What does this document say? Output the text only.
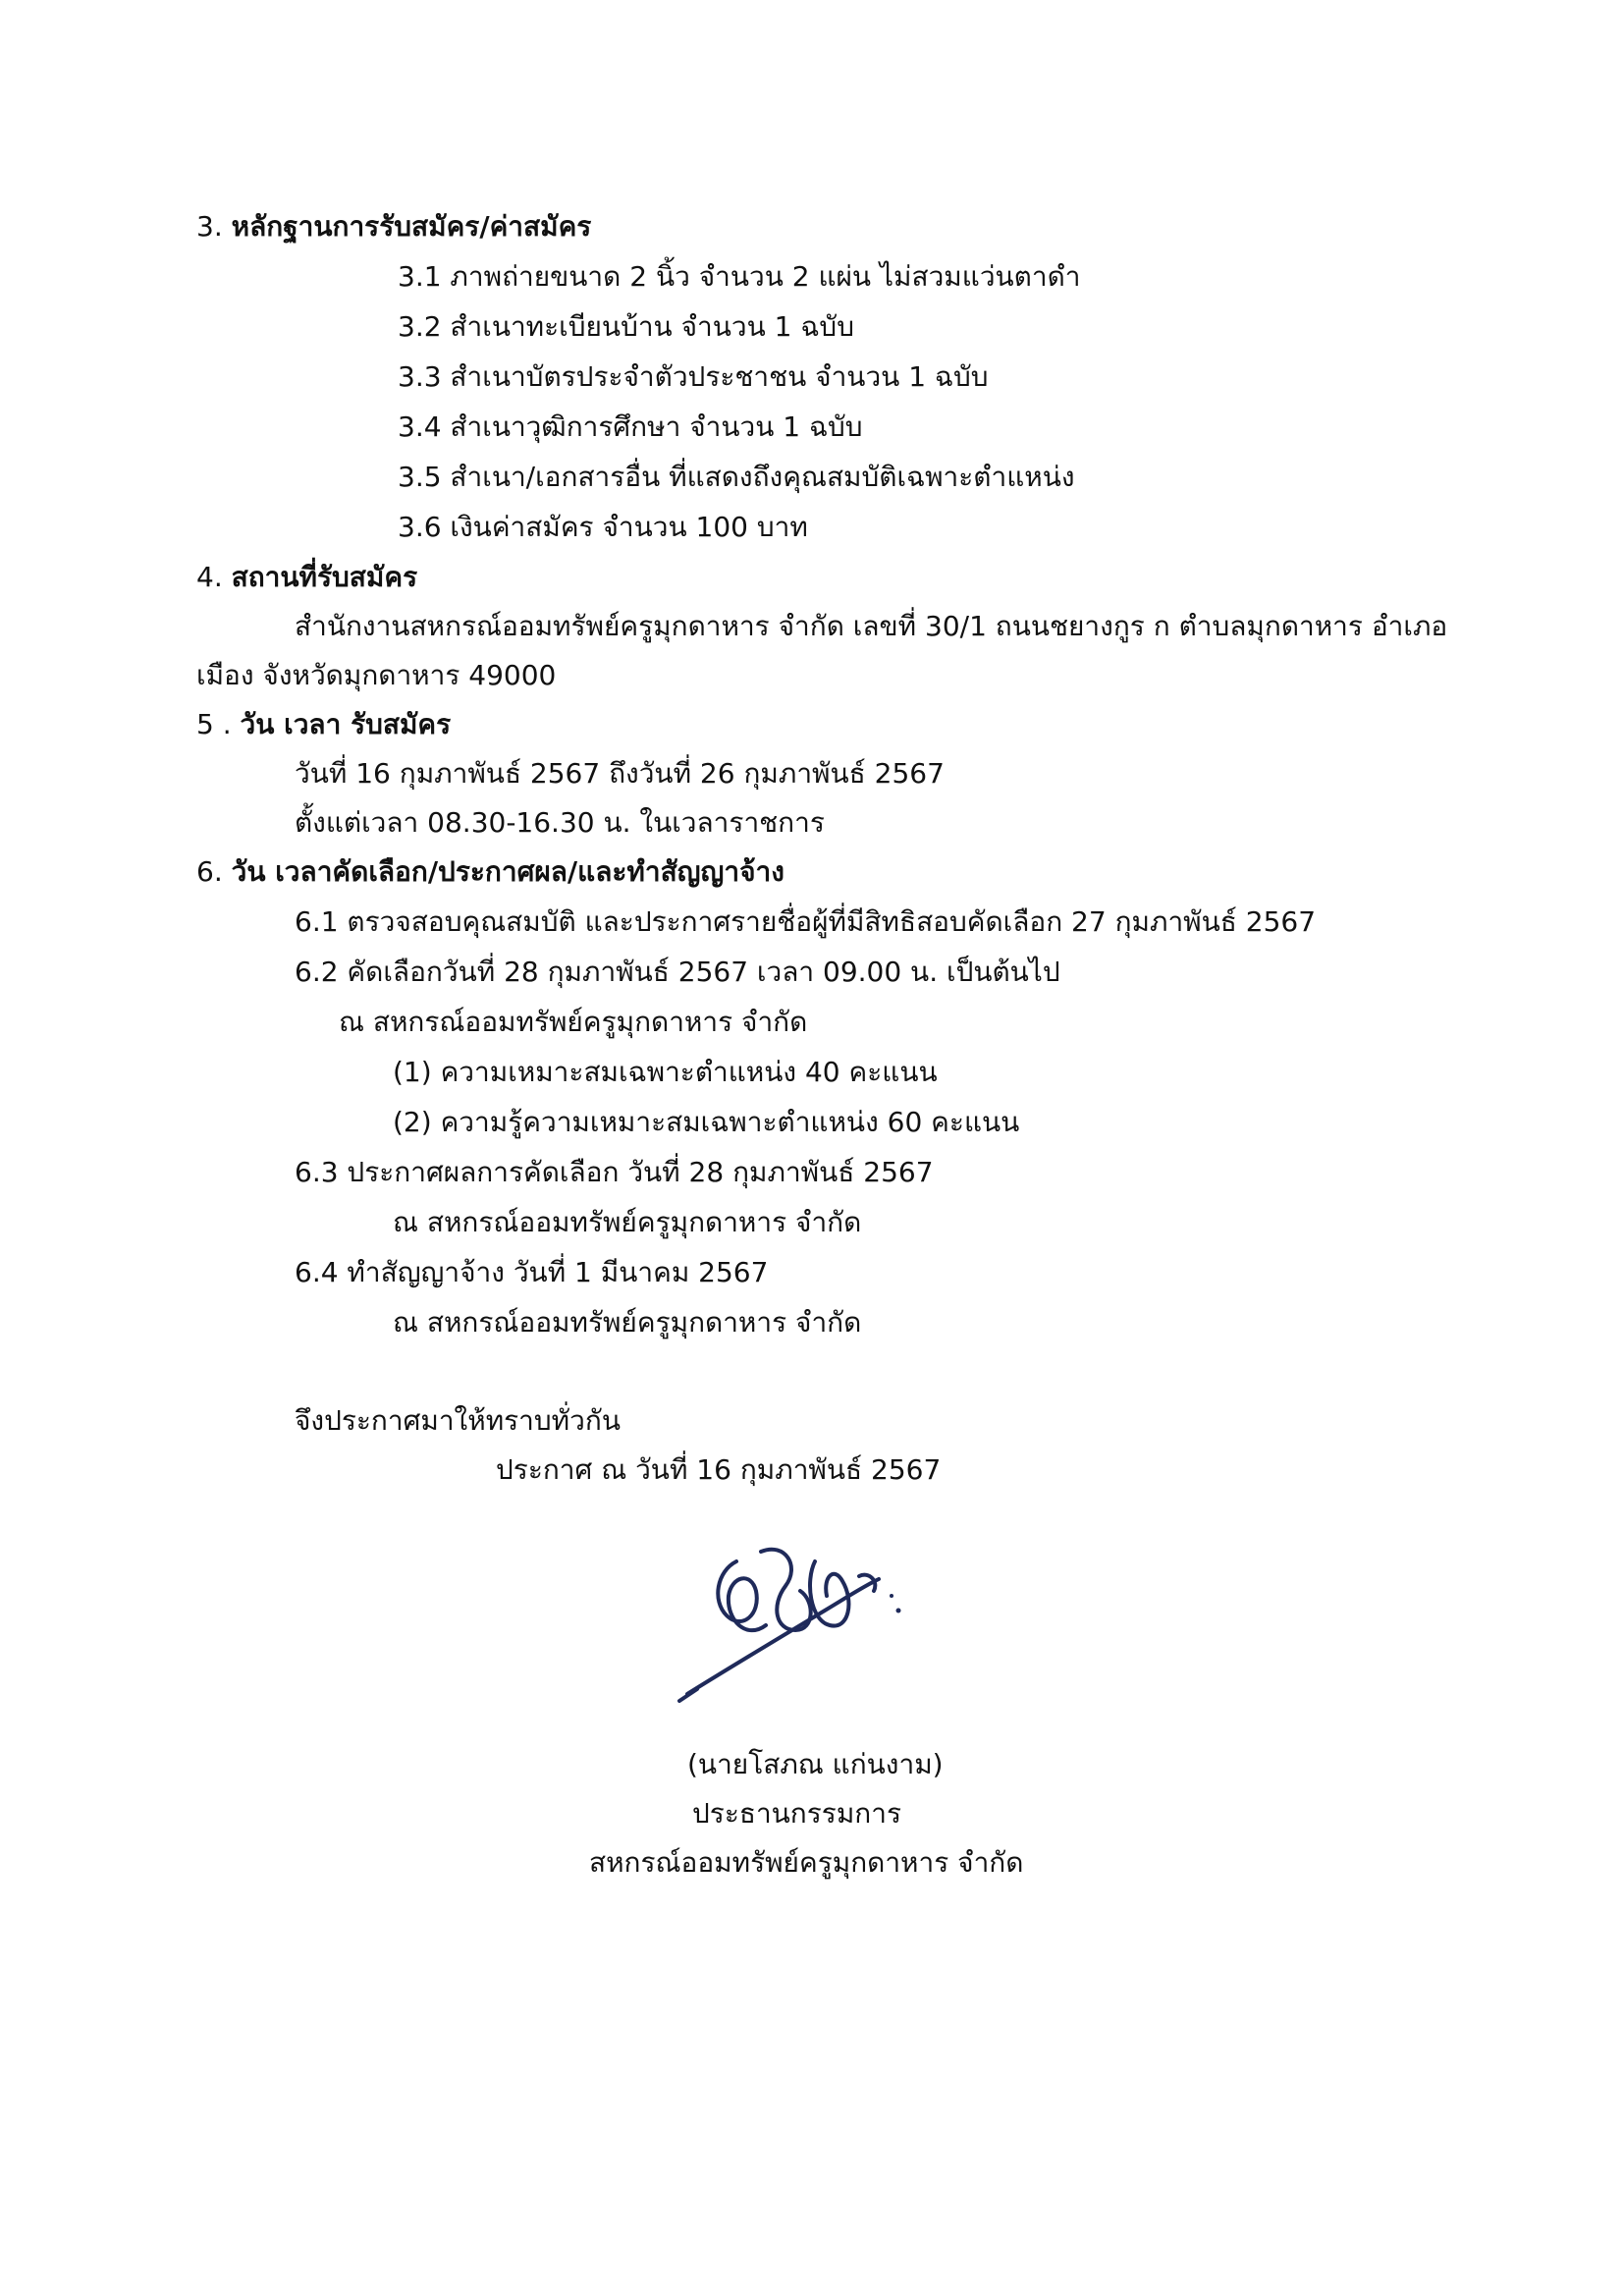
3. หลักฐานการรับสมัคร/ค่าสมัคร
3.1 ภาพถ่ายขนาด 2 นิ้ว จำนวน 2 แผ่น ไม่สวมแว่นตาดำ
3.2 สำเนาทะเบียนบ้าน จำนวน 1 ฉบับ
3.3 สำเนาบัตรประจำตัวประชาชน จำนวน 1 ฉบับ
3.4 สำเนาวุฒิการศึกษา จำนวน 1 ฉบับ
3.5 สำเนา/เอกสารอื่น ที่แสดงถึงคุณสมบัติเฉพาะตำแหน่ง
3.6 เงินค่าสมัคร จำนวน 100 บาท
4. สถานที่รับสมัคร
สำนักงานสหกรณ์ออมทรัพย์ครูมุกดาหาร จำกัด เลขที่ 30/1 ถนนชยางกูร ก ตำบลมุกดาหาร อำเภอ
เมือง จังหวัดมุกดาหาร 49000
5 . วัน เวลา รับสมัคร
วันที่ 16 กุมภาพันธ์ 2567 ถึงวันที่ 26 กุมภาพันธ์ 2567
ตั้งแต่เวลา 08.30-16.30 น. ในเวลาราชการ
6. วัน เวลาคัดเลือก/ประกาศผล/และทำสัญญาจ้าง
6.1 ตรวจสอบคุณสมบัติ และประกาศรายชื่อผู้ที่มีสิทธิสอบคัดเลือก 27 กุมภาพันธ์ 2567
6.2 คัดเลือกวันที่ 28 กุมภาพันธ์ 2567 เวลา 09.00 น. เป็นต้นไป
ณ สหกรณ์ออมทรัพย์ครูมุกดาหาร จำกัด
(1) ความเหมาะสมเฉพาะตำแหน่ง 40 คะแนน
(2) ความรู้ความเหมาะสมเฉพาะตำแหน่ง 60 คะแนน
6.3 ประกาศผลการคัดเลือก วันที่ 28 กุมภาพันธ์ 2567
ณ สหกรณ์ออมทรัพย์ครูมุกดาหาร จำกัด
6.4 ทำสัญญาจ้าง วันที่ 1 มีนาคม 2567
ณ สหกรณ์ออมทรัพย์ครูมุกดาหาร จำกัด
จึงประกาศมาให้ทราบทั่วกัน
ประกาศ ณ วันที่ 16 กุมภาพันธ์ 2567
(นายโสภณ แก่นงาม)
ประธานกรรมการ
สหกรณ์ออมทรัพย์ครูมุกดาหาร จำกัด
